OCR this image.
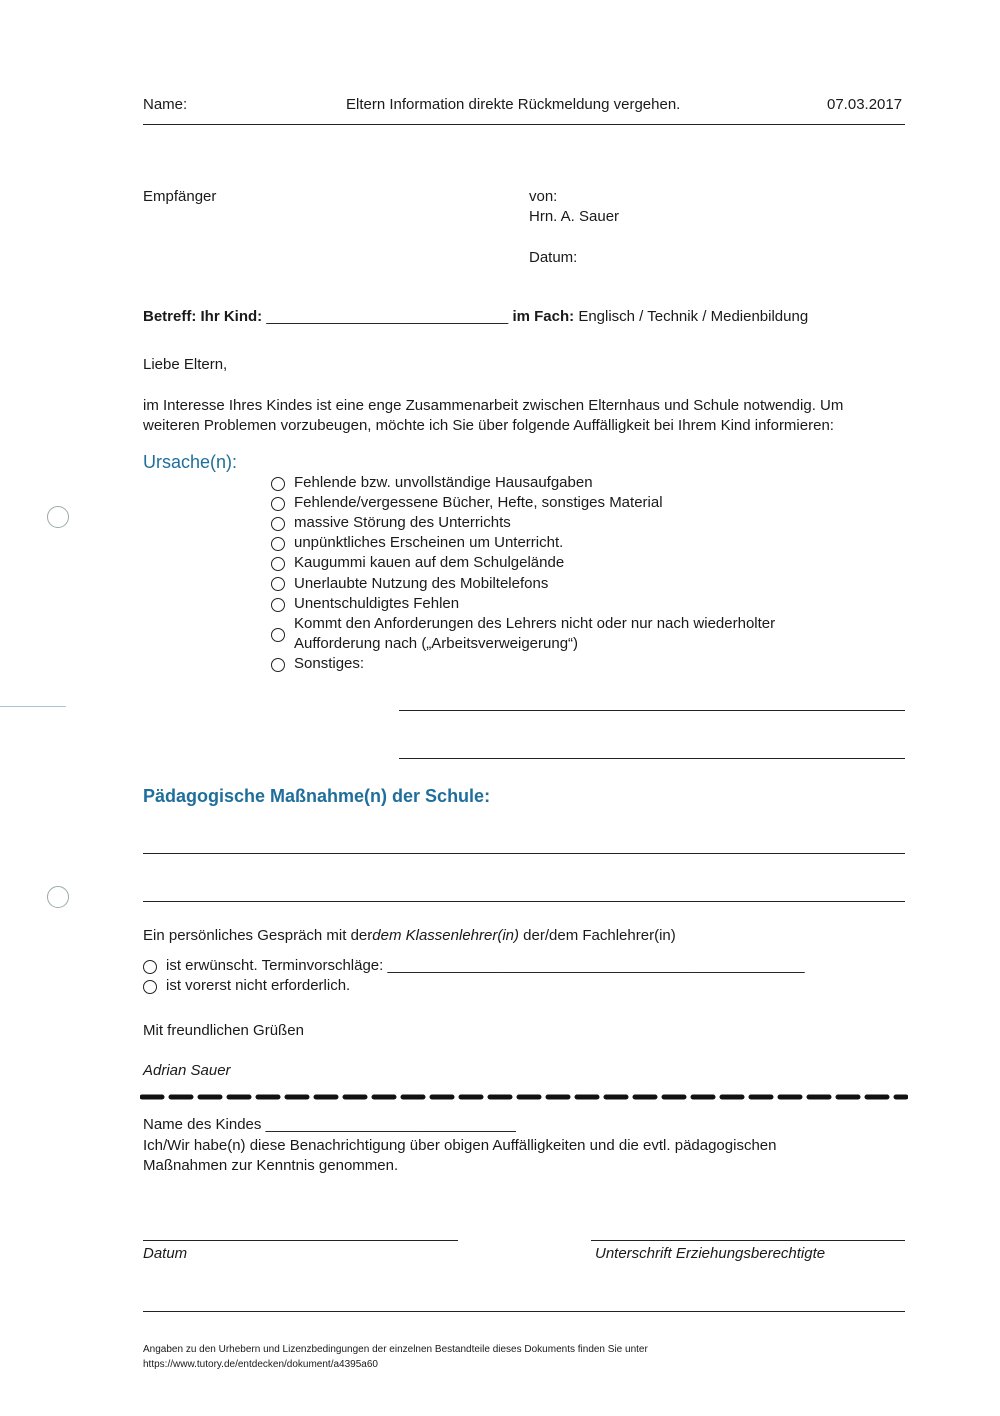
Name:	Eltern Information direkte Rückmeldung vergehen.	07.03.2017
Empfänger	von:
Hrn. A. Sauer
Datum:
Betreff: Ihr Kind: _____________________________ im Fach: Englisch / Technik / Medienbildung
Liebe Eltern,
im Interesse Ihres Kindes ist eine enge Zusammenarbeit zwischen Elternhaus und Schule notwendig. Um
weiteren Problemen vorzubeugen, möchte ich Sie über folgende Auffälligkeit bei Ihrem Kind informieren:
Ursache(n):
Fehlende bzw. unvollständige Hausaufgaben
Fehlende/vergessene Bücher, Hefte, sonstiges Material
massive Störung des Unterrichts
unpünktliches Erscheinen um Unterricht.
Kaugummi kauen auf dem Schulgelände
Unerlaubte Nutzung des Mobiltelefons
Unentschuldigtes Fehlen
Kommt den Anforderungen des Lehrers nicht oder nur nach wiederholter
Aufforderung nach („Arbeitsverweigerung“)
Sonstiges:
Pädagogische Maßnahme(n) der Schule:
Ein persönliches Gespräch mit derdem Klassenlehrer(in) der/dem Fachlehrer(in)
ist erwünscht. Terminvorschläge: __________________________________________________
ist vorerst nicht erforderlich.
Mit freundlichen Grüßen
Adrian Sauer
Name des Kindes ______________________________
Ich/Wir habe(n) diese Benachrichtigung über obigen Auffälligkeiten und die evtl. pädagogischen
Maßnahmen zur Kenntnis genommen.
Datum	Unterschrift Erziehungsberechtigte
Angaben zu den Urhebern und Lizenzbedingungen der einzelnen Bestandteile dieses Dokuments finden Sie unter
https://www.tutory.de/entdecken/dokument/a4395a60
